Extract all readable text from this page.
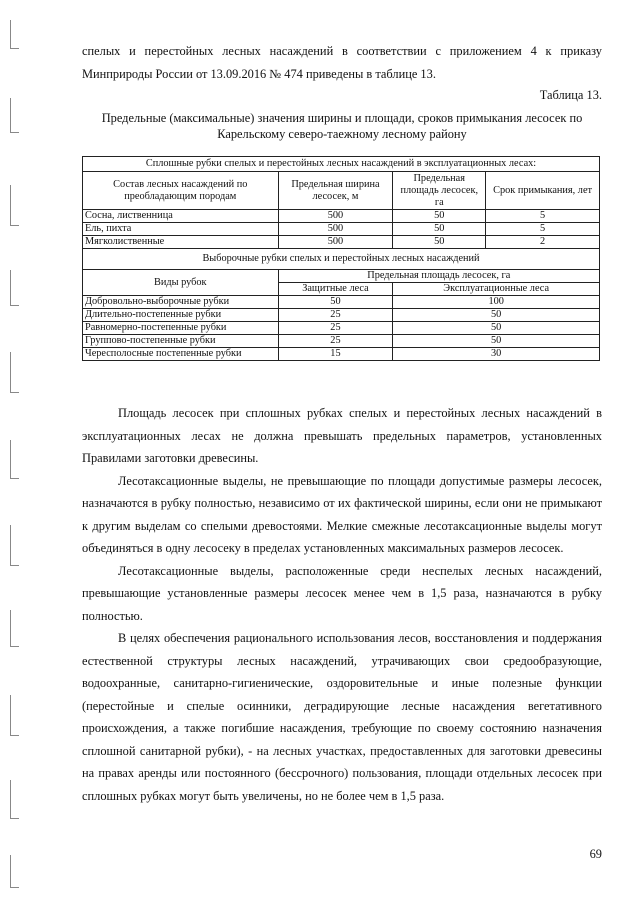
спелых и перестойных лесных насаждений в соответствии с приложением 4 к приказу Минприроды России от 13.09.2016 № 474 приведены в таблице 13.

Таблица 13.
Предельные (максимальные) значения ширины и площади, сроков примыкания лесосек по Карельскому северо-таежному лесному району
Сплошные рубки спелых и перестойных лесных насаждений в эксплуатационных лесах:			
Состав лесных насаждений по преобладающим породам	Предельная ширина лесосек, м	Предельная площадь лесосек, га	Срок примыкания, лет
Сосна, лиственница	500	50	5
Ель, пихта	500	50	5
Мягколиственные	500	50	2
Выборочные рубки спелых и перестойных лесных насаждений			
Виды рубок	Предельная площадь лесосек, га		
	Защитные леса	Эксплуатационные леса	
Добровольно-выборочные рубки	50	100	
Длительно-постепенные рубки	25	50	
Равномерно-постепенные рубки	25	50	
Группово-постепенные рубки	25	50	
Чересполосные постепенные рубки	15	30	

Площадь лесосек при сплошных рубках спелых и перестойных лесных насаждений в эксплуатационных лесах не должна превышать предельных параметров, установленных Правилами заготовки древесины.

Лесотаксационные выделы, не превышающие по площади допустимые размеры лесосек, назначаются в рубку полностью, независимо от их фактической ширины, если они не примыкают к другим выделам со спелыми древостоями. Мелкие смежные лесотаксационные выделы могут объединяться в одну лесосеку в пределах установленных максимальных размеров лесосек.

Лесотаксационные выделы, расположенные среди неспелых лесных насаждений, превышающие установленные размеры лесосек менее чем в 1,5 раза, назначаются в рубку полностью.

В целях обеспечения рационального использования лесов, восстановления и поддержания естественной структуры лесных насаждений, утрачивающих свои средообразующие, водоохранные, санитарно-гигиенические, оздоровительные и иные полезные функции (перестойные и спелые осинники, деградирующие лесные насаждения вегетативного происхождения, а также погибшие насаждения, требующие по своему состоянию назначения сплошной санитарной рубки), - на лесных участках, предоставленных для заготовки древесины на правах аренды или постоянного (бессрочного) пользования, площади отдельных лесосек при сплошных рубках могут быть увеличены, но не более чем в 1,5 раза.

69
